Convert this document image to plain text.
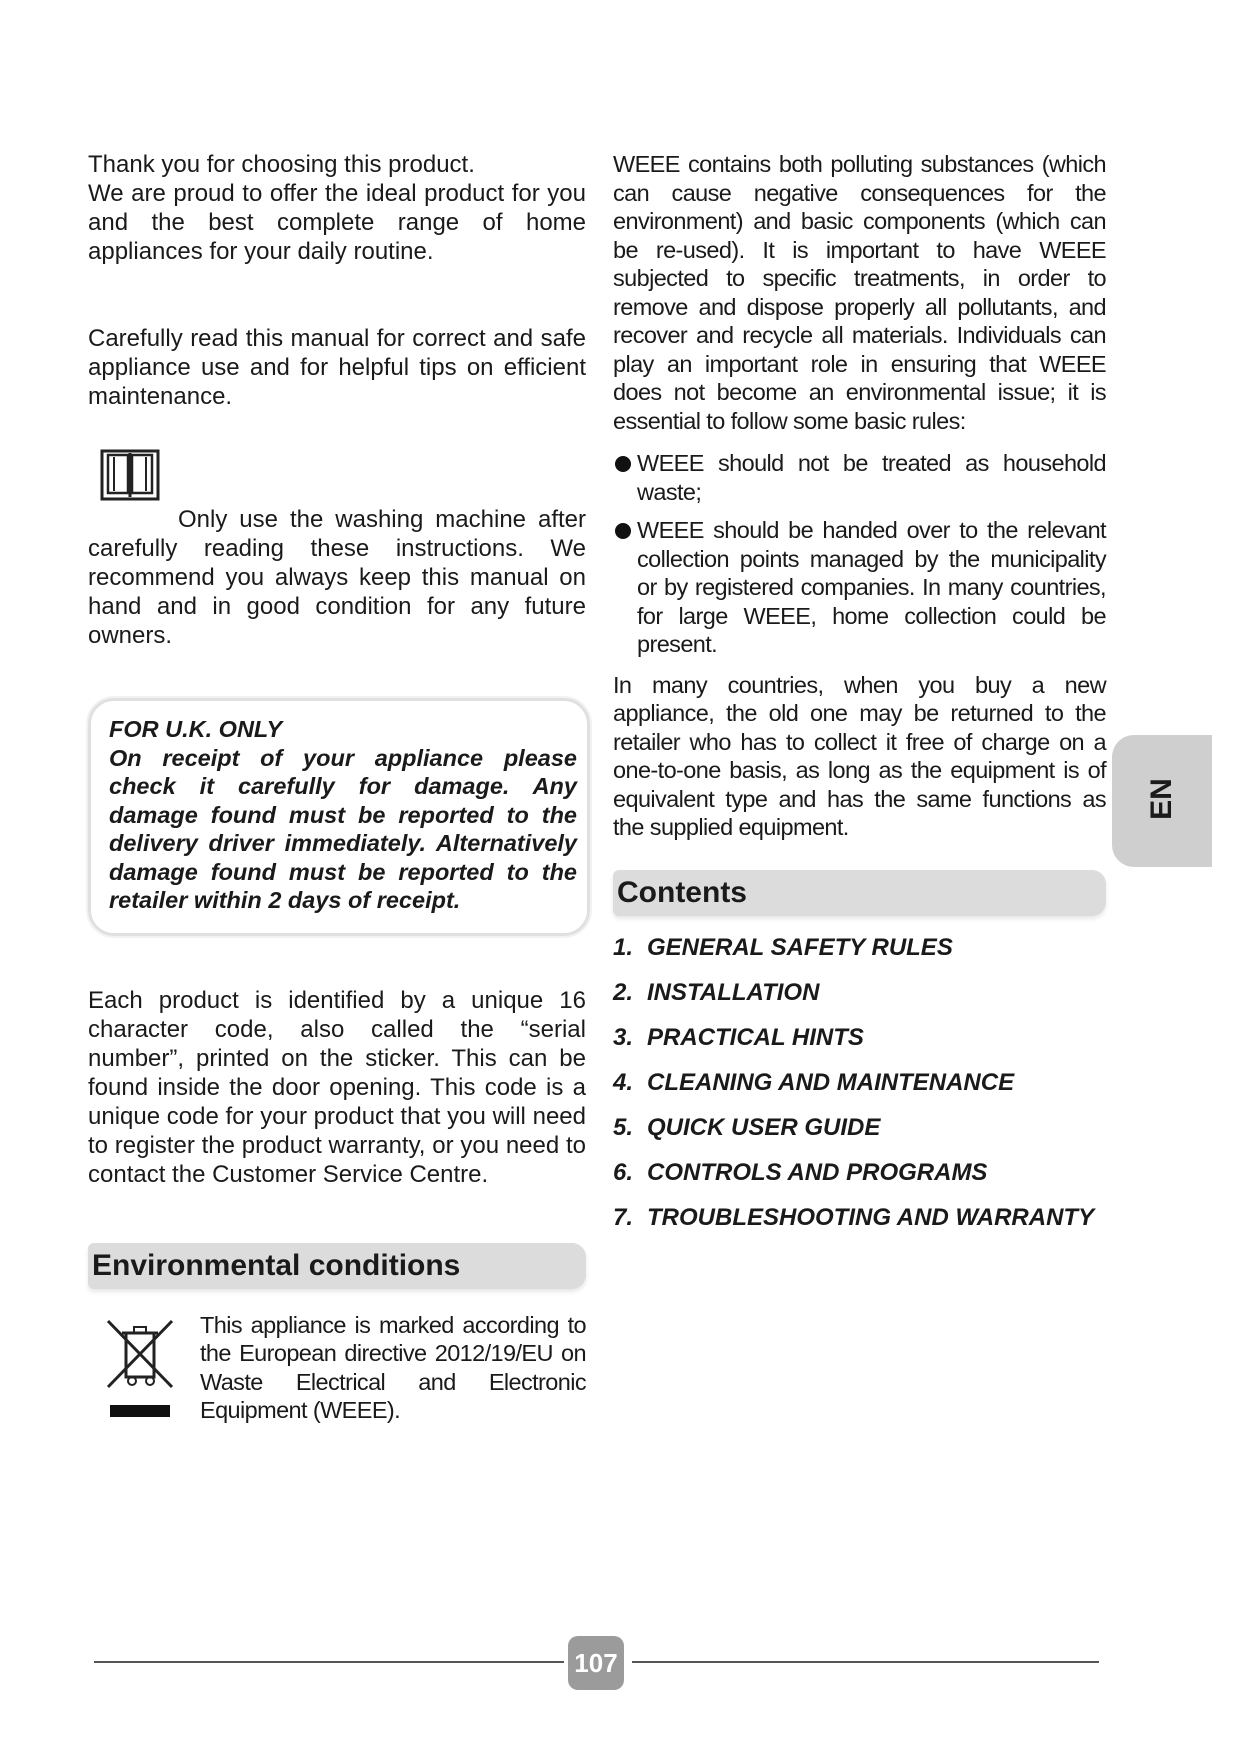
Thank you for choosing this product.

We are proud to offer the ideal product for you and the best complete range of home appliances for your daily routine.

Carefully read this manual for correct and safe appliance use and for helpful tips on efficient maintenance.

Only use the washing machine after carefully reading these instructions. We recommend you always keep this manual on hand and in good condition for any future owners.

FOR U.K. ONLY

On receipt of your appliance please check it carefully for damage. Any damage found must be reported to the delivery driver immediately. Alternatively damage found must be reported to the retailer within 2 days of receipt.

Each product is identified by a unique 16 character code, also called the “serial number”, printed on the sticker. This can be found inside the door opening. This code is a unique code for your product that you will need to register the product warranty, or you need to contact the Customer Service Centre.

Environmental conditions

This appliance is marked according to the European directive 2012/19/EU on Waste Electrical and Electronic Equipment (WEEE).

WEEE contains both polluting substances (which can cause negative consequences for the environment) and basic components (which can be re-used). It is important to have WEEE subjected to specific treatments, in order to remove and dispose properly all pollutants, and recover and recycle all materials. Individuals can play an important role in ensuring that WEEE does not become an environmental issue; it is essential to follow some basic rules:

WEEE should not be treated as household waste;

WEEE should be handed over to the relevant collection points managed by the municipality or by registered companies. In many countries, for large WEEE, home collection could be present.

In many countries, when you buy a new appliance, the old one may be returned to the retailer who has to collect it free of charge on a one-to-one basis, as long as the equipment is of equivalent type and has the same functions as the supplied equipment.

Contents
1. GENERAL SAFETY RULES
2. INSTALLATION
3. PRACTICAL HINTS
4. CLEANING AND MAINTENANCE
5. QUICK USER GUIDE
6. CONTROLS AND PROGRAMS
7. TROUBLESHOOTING AND WARRANTY
EN
107
